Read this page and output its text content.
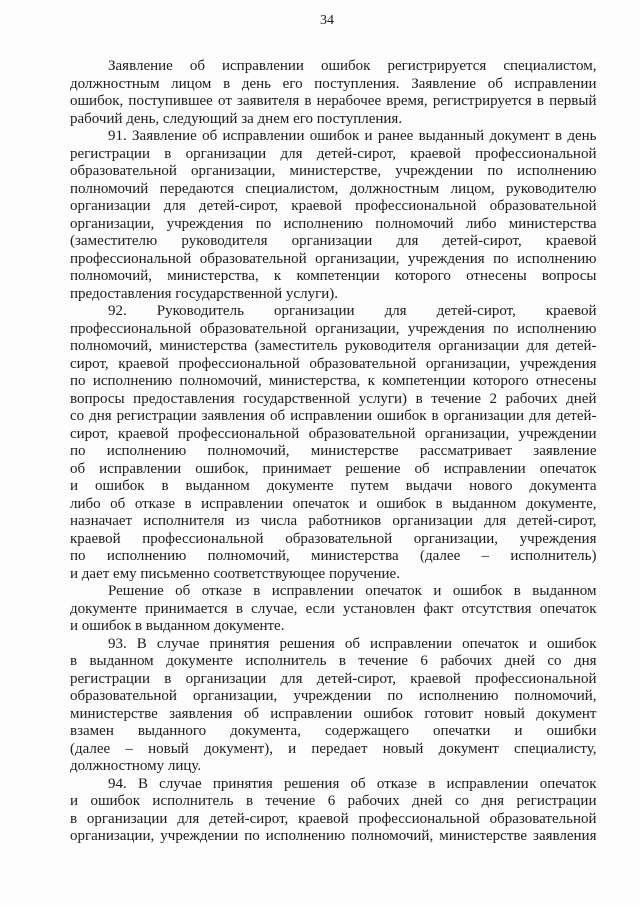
34
Заявление об исправлении ошибок регистрируется специалистом,
должностным лицом в день его поступления. Заявление об исправлении
ошибок, поступившее от заявителя в нерабочее время, регистрируется в первый
рабочий день, следующий за днем его поступления.
91. Заявление об исправлении ошибок и ранее выданный документ в день
регистрации в организации для детей-сирот, краевой профессиональной
образовательной организации, министерстве, учреждении по исполнению
полномочий передаются специалистом, должностным лицом, руководителю
организации для детей-сирот, краевой профессиональной образовательной
организации, учреждения по исполнению полномочий либо министерства
(заместителю руководителя организации для детей-сирот, краевой
профессиональной образовательной организации, учреждения по исполнению
полномочий, министерства, к компетенции которого отнесены вопросы
предоставления государственной услуги).
92. Руководитель организации для детей-сирот, краевой
профессиональной образовательной организации, учреждения по исполнению
полномочий, министерства (заместитель руководителя организации для детей-
сирот, краевой профессиональной образовательной организации, учреждения
по исполнению полномочий, министерства, к компетенции которого отнесены
вопросы предоставления государственной услуги) в течение 2 рабочих дней
со дня регистрации заявления об исправлении ошибок в организации для детей-
сирот, краевой профессиональной образовательной организации, учреждении
по исполнению полномочий, министерстве рассматривает заявление
об исправлении ошибок, принимает решение об исправлении опечаток
и ошибок в выданном документе путем выдачи нового документа
либо об отказе в исправлении опечаток и ошибок в выданном документе,
назначает исполнителя из числа работников организации для детей-сирот,
краевой профессиональной образовательной организации, учреждения
по исполнению полномочий, министерства (далее – исполнитель)
и дает ему письменно соответствующее поручение.
Решение об отказе в исправлении опечаток и ошибок в выданном
документе принимается в случае, если установлен факт отсутствия опечаток
и ошибок в выданном документе.
93. В случае принятия решения об исправлении опечаток и ошибок
в выданном документе исполнитель в течение 6 рабочих дней со дня
регистрации в организации для детей-сирот, краевой профессиональной
образовательной организации, учреждении по исполнению полномочий,
министерстве заявления об исправлении ошибок готовит новый документ
взамен выданного документа, содержащего опечатки и ошибки
(далее – новый документ), и передает новый документ специалисту,
должностному лицу.
94. В случае принятия решения об отказе в исправлении опечаток
и ошибок исполнитель в течение 6 рабочих дней со дня регистрации
в организации для детей-сирот, краевой профессиональной образовательной
организации, учреждении по исполнению полномочий, министерстве заявления
